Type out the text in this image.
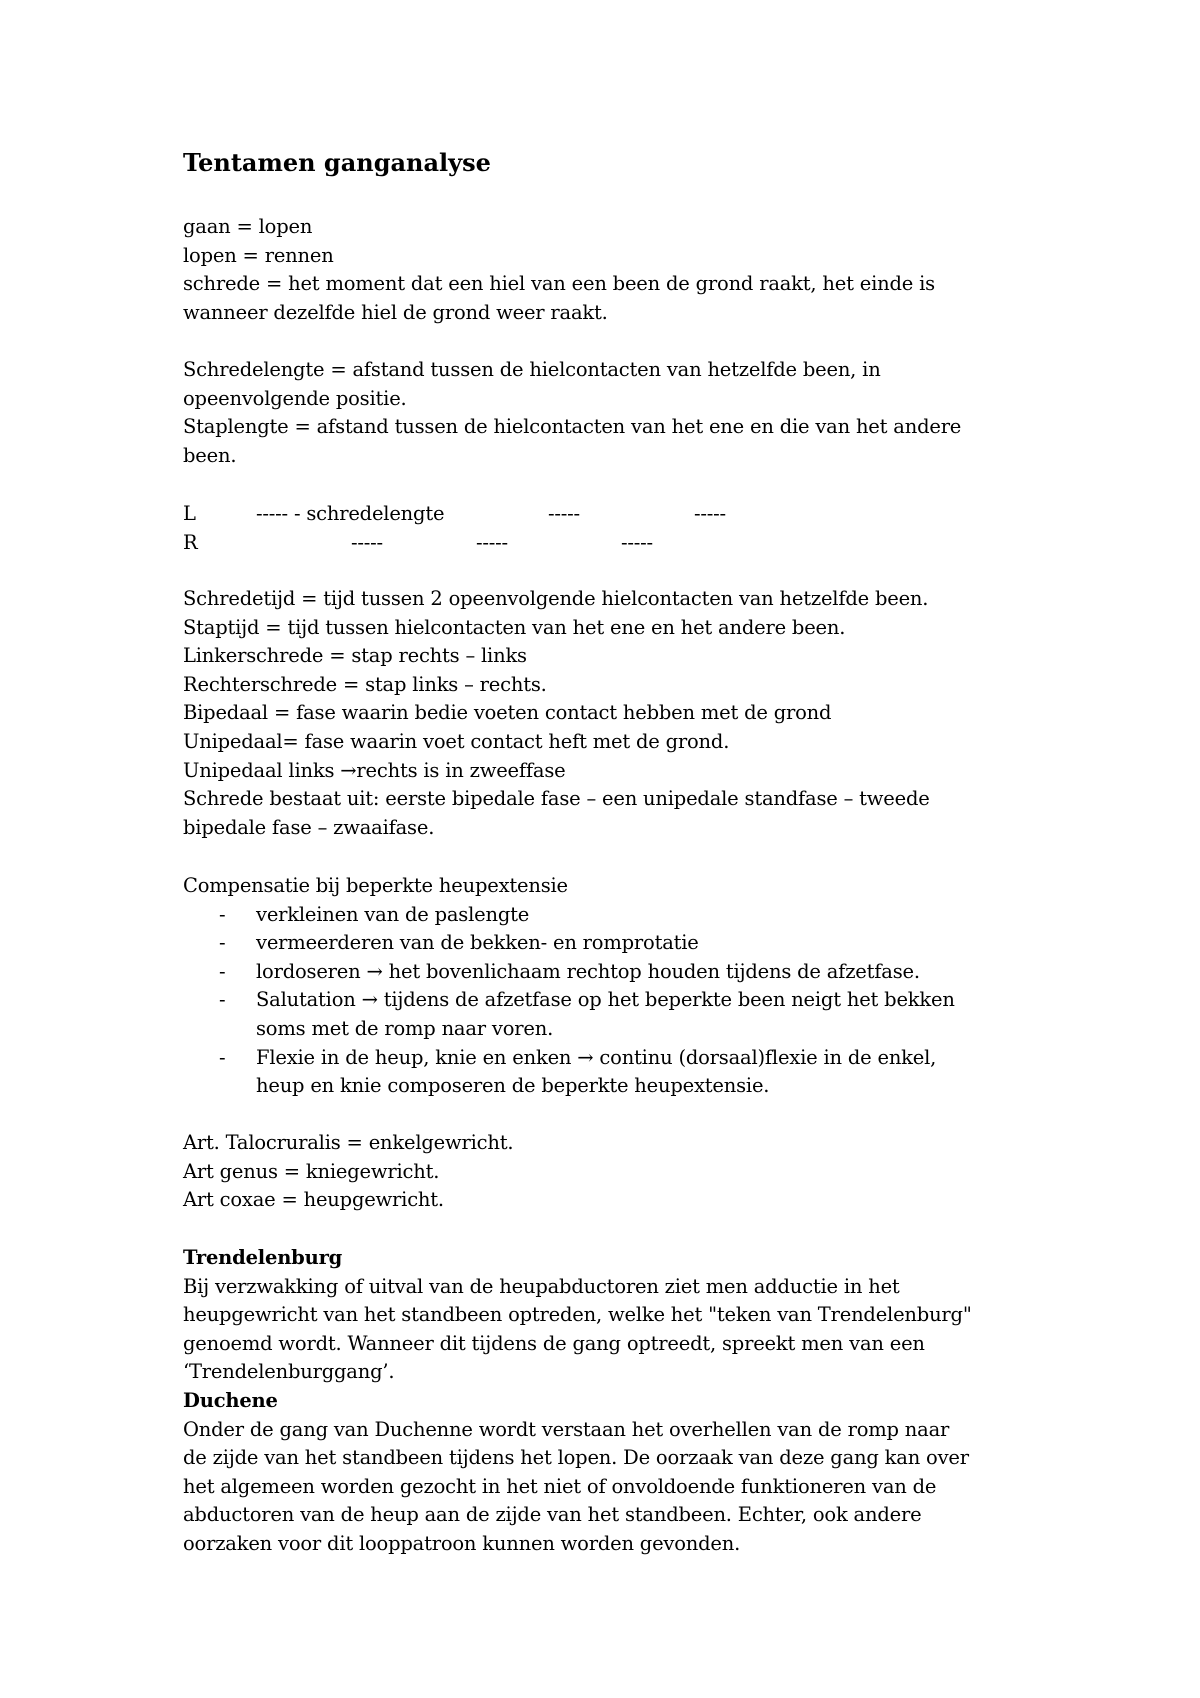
Tentamen ganganalyse
gaan = lopen
lopen = rennen
schrede = het moment dat een hiel van een been de grond raakt, het einde is
wanneer dezelfde hiel de grond weer raakt.
Schredelengte = afstand tussen de hielcontacten van hetzelfde been, in
opeenvolgende positie.
Staplengte = afstand tussen de hielcontacten van het ene en die van het andere
been.
L	----- - schredelengte	-----	-----
R	-----	-----	-----
Schredetijd = tijd tussen 2 opeenvolgende hielcontacten van hetzelfde been.
Staptijd = tijd tussen hielcontacten van het ene en het andere been.
Linkerschrede = stap rechts – links
Rechterschrede = stap links – rechts.
Bipedaal = fase waarin bedie voeten contact hebben met de grond
Unipedaal= fase waarin voet contact heft met de grond.
Unipedaal links →rechts is in zweeffase
Schrede bestaat uit: eerste bipedale fase – een unipedale standfase – tweede
bipedale fase – zwaaifase.
Compensatie bij beperkte heupextensie
- verkleinen van de paslengte
- vermeerderen van de bekken- en romprotatie
- lordoseren → het bovenlichaam rechtop houden tijdens de afzetfase.
- Salutation → tijdens de afzetfase op het beperkte been neigt het bekken
soms met de romp naar voren.
- Flexie in de heup, knie en enken → continu (dorsaal)flexie in de enkel,
heup en knie composeren de beperkte heupextensie.
Art. Talocruralis = enkelgewricht.
Art genus = kniegewricht.
Art coxae = heupgewricht.
Trendelenburg
Bij verzwakking of uitval van de heupabductoren ziet men adductie in het
heupgewricht van het standbeen optreden, welke het "teken van Trendelenburg"
genoemd wordt. Wanneer dit tijdens de gang optreedt, spreekt men van een
‘Trendelenburggang’.
Duchene
Onder de gang van Duchenne wordt verstaan het overhellen van de romp naar
de zijde van het standbeen tijdens het lopen. De oorzaak van deze gang kan over
het algemeen worden gezocht in het niet of onvoldoende funktioneren van de
abductoren van de heup aan de zijde van het standbeen. Echter, ook andere
oorzaken voor dit looppatroon kunnen worden gevonden.
